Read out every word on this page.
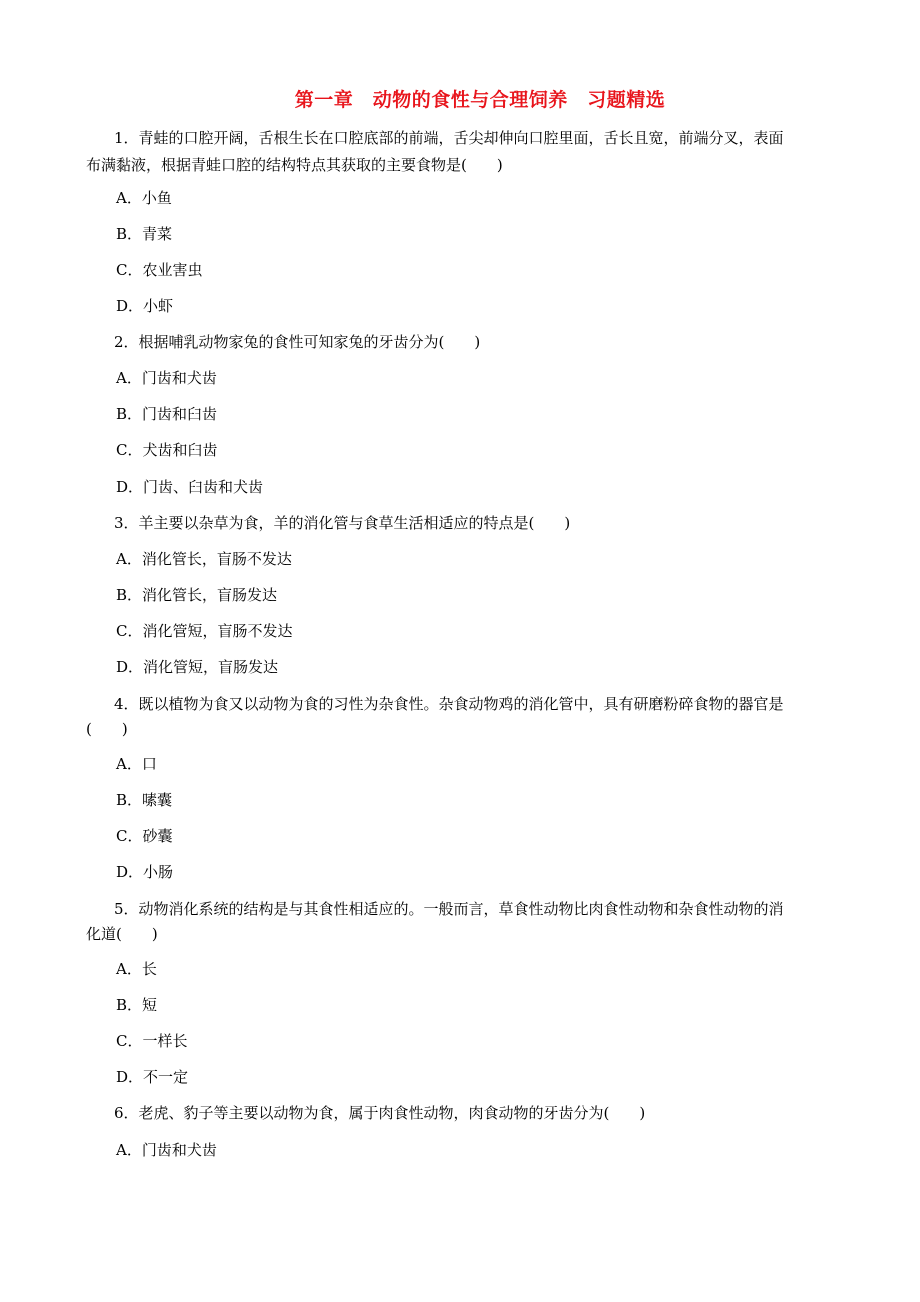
第一章　动物的食性与合理饲养　习题精选
1．青蛙的口腔开阔，舌根生长在口腔底部的前端，舌尖却伸向口腔里面，舌长且宽，前端分叉，表面
布满黏液，根据青蛙口腔的结构特点其获取的主要食物是(　　)
A．小鱼
B．青菜
C．农业害虫
D．小虾
2．根据哺乳动物家兔的食性可知家兔的牙齿分为(　　)
A．门齿和犬齿
B．门齿和臼齿
C．犬齿和臼齿
D．门齿、臼齿和犬齿
3．羊主要以杂草为食，羊的消化管与食草生活相适应的特点是(　　)
A．消化管长，盲肠不发达
B．消化管长，盲肠发达
C．消化管短，盲肠不发达
D．消化管短，盲肠发达
4．既以植物为食又以动物为食的习性为杂食性。杂食动物鸡的消化管中，具有研磨粉碎食物的器官是
(　　)
A．口
B．嗉囊
C．砂囊
D．小肠
5．动物消化系统的结构是与其食性相适应的。一般而言，草食性动物比肉食性动物和杂食性动物的消
化道(　　)
A．长
B．短
C．一样长
D．不一定
6．老虎、豹子等主要以动物为食，属于肉食性动物，肉食动物的牙齿分为(　　)
A．门齿和犬齿
